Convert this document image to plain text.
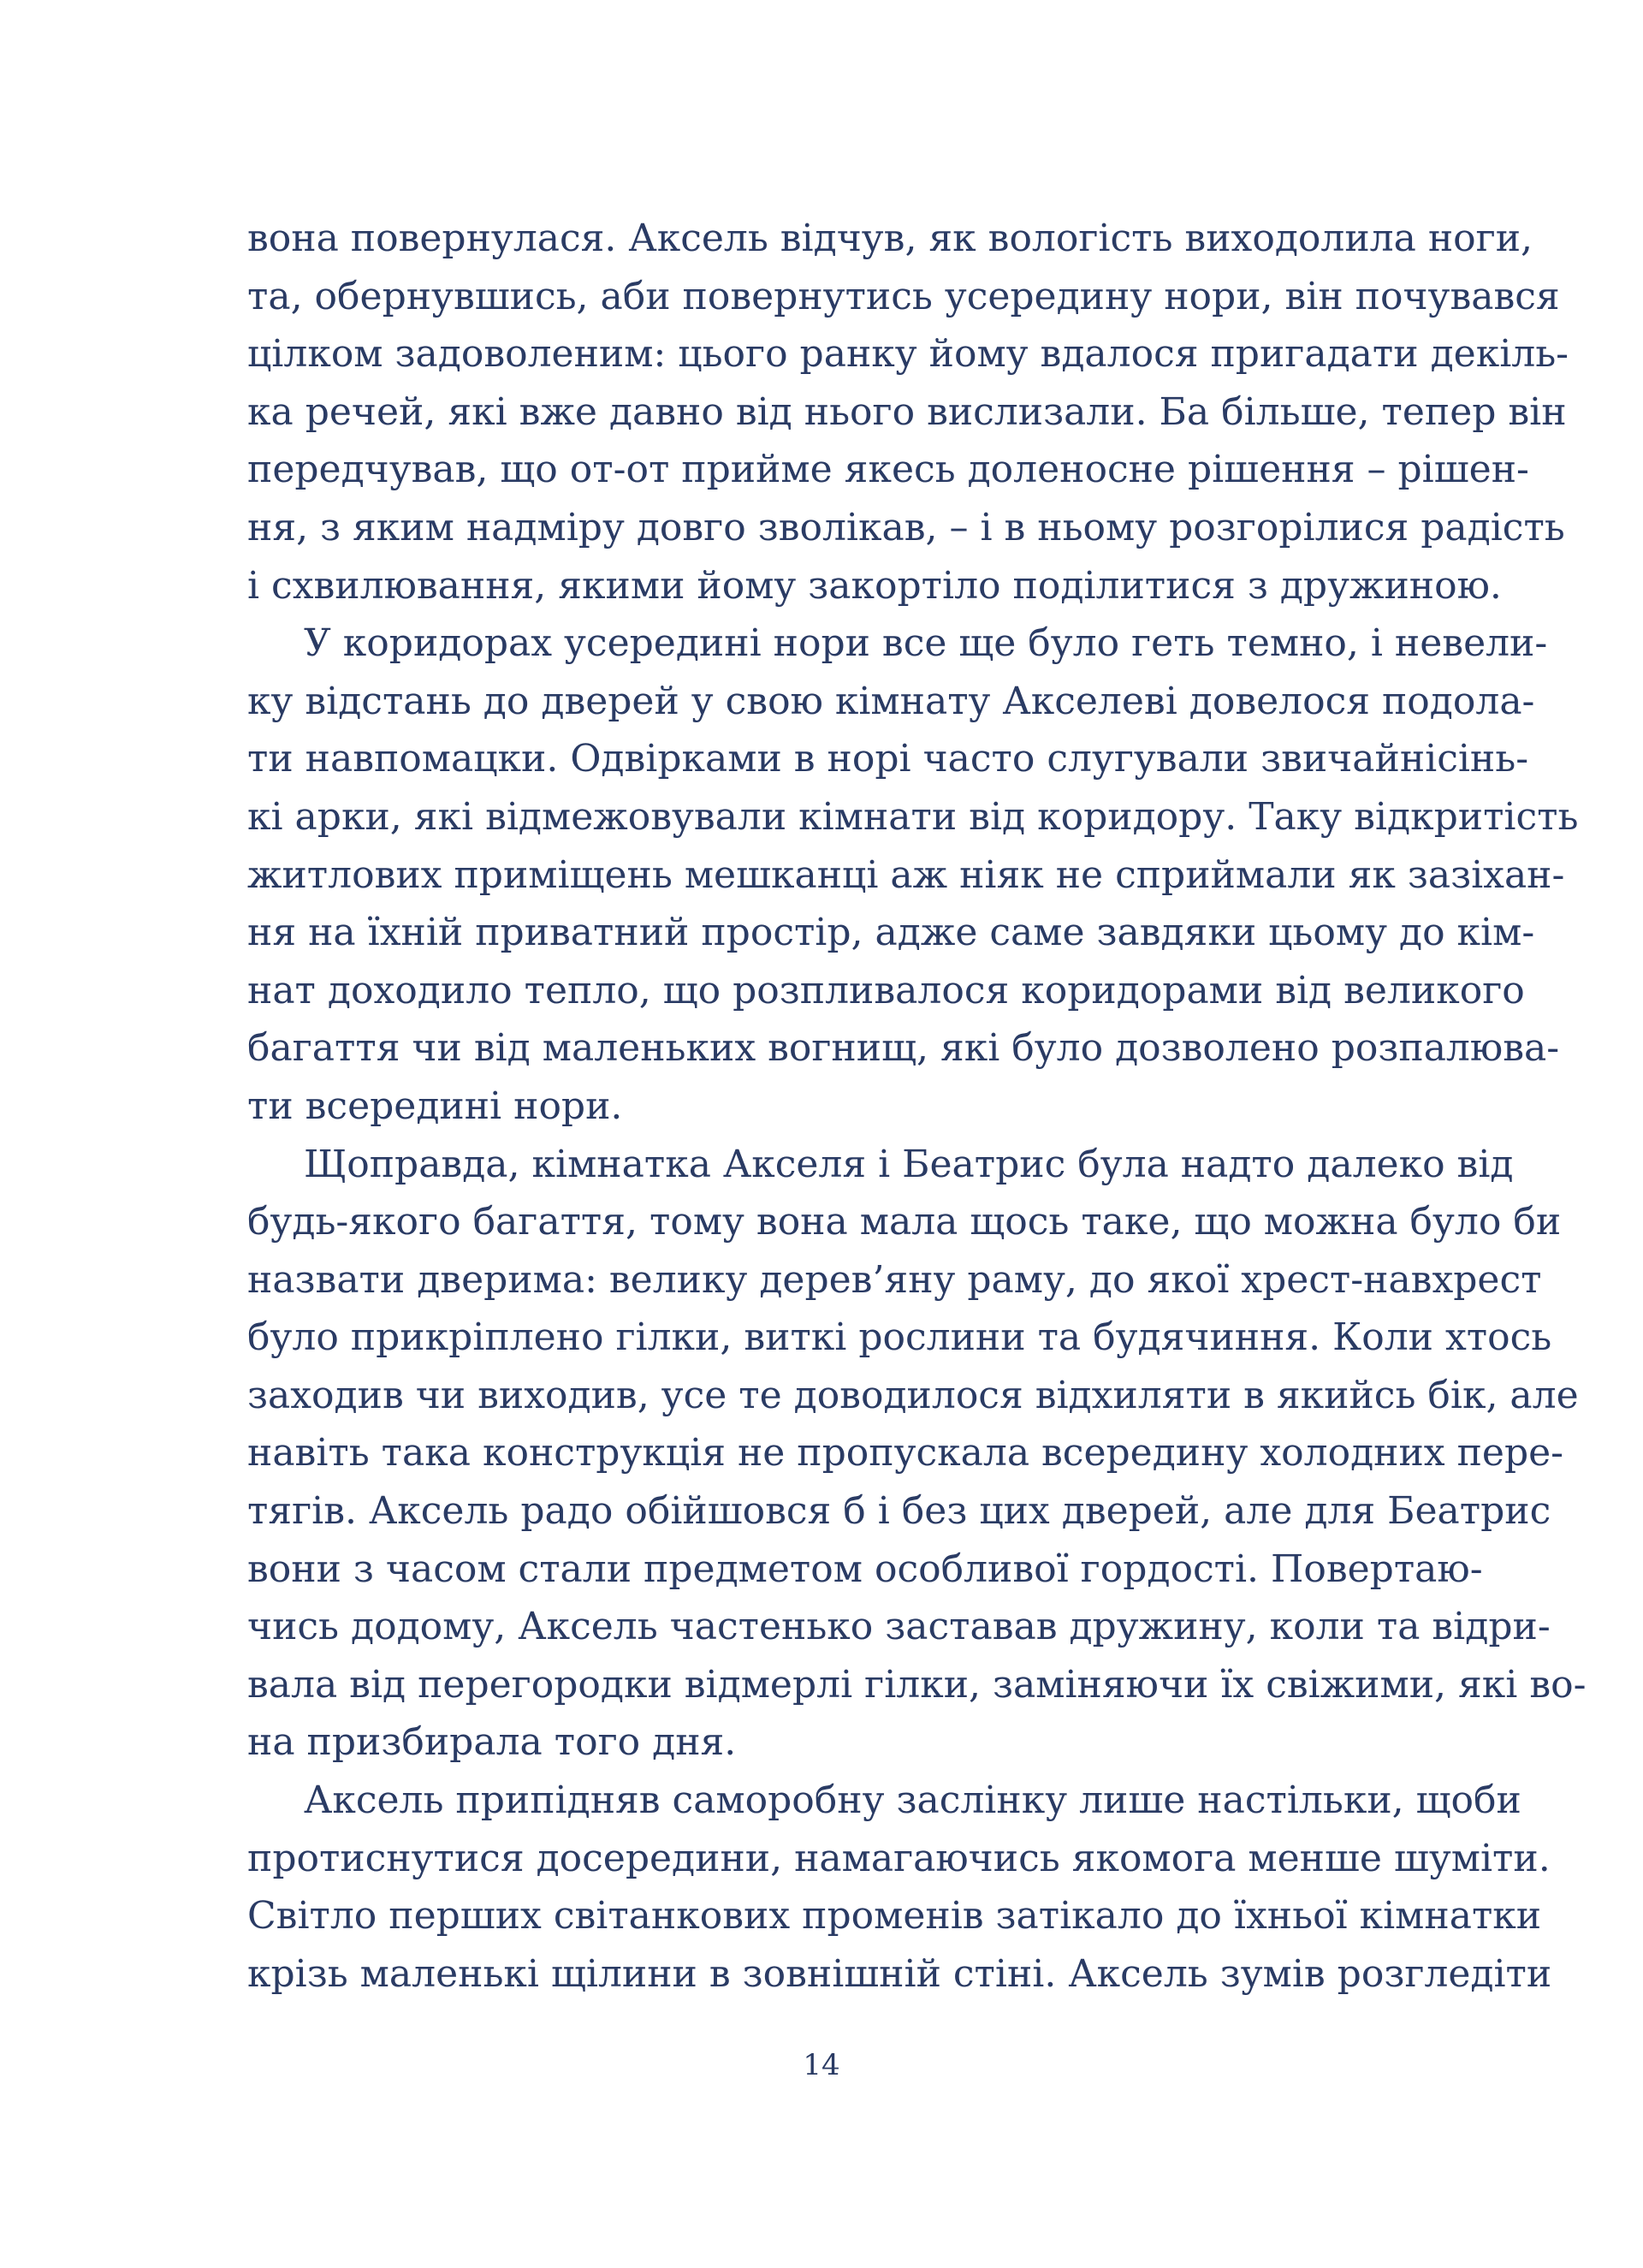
вона повернулася. Аксель відчув, як вологість виходолила ноги,
та, обернувшись, аби повернутись усередину нори, він почувався
цілком задоволеним: цього ранку йому вдалося пригадати декіль-
ка речей, які вже давно від нього вислизали. Ба більше, тепер він
передчував, що от-от прийме якесь доленосне рішення – рішен-
ня, з яким надміру довго зволікав, – і в ньому розгорілися радість
і схвилювання, якими йому закортіло поділитися з дружиною.
У коридорах усередині нори все ще було геть темно, і невели-
ку відстань до дверей у свою кімнату Акселеві довелося подола-
ти навпомацки. Одвірками в норі часто слугували звичайнісінь-
кі арки, які відмежовували кімнати від коридору. Таку відкритість
житлових приміщень мешканці аж ніяк не сприймали як зазіхан-
ня на їхній приватний простір, адже саме завдяки цьому до кім-
нат доходило тепло, що розпливалося коридорами від великого
багаття чи від маленьких вогнищ, які було дозволено розпалюва-
ти всередині нори.
Щоправда, кімнатка Акселя і Беатрис була надто далеко від
будь-якого багаття, тому вона мала щось таке, що можна було би
назвати дверима: велику дерев’яну раму, до якої хрест-навхрест
було прикріплено гілки, виткі рослини та будячиння. Коли хтось
заходив чи виходив, усе те доводилося відхиляти в якийсь бік, але
навіть така конструкція не пропускала всередину холодних пере-
тягів. Аксель радо обійшовся б і без цих дверей, але для Беатрис
вони з часом стали предметом особливої гордості. Повертаю-
чись додому, Аксель частенько заставав дружину, коли та відри-
вала від перегородки відмерлі гілки, заміняючи їх свіжими, які во-
на призбирала того дня.
Аксель припідняв саморобну заслінку лише настільки, щоби
протиснутися досередини, намагаючись якомога менше шуміти.
Світло перших світанкових променів затікало до їхньої кімнатки
крізь маленькі щілини в зовнішній стіні. Аксель зумів розгледіти
14
